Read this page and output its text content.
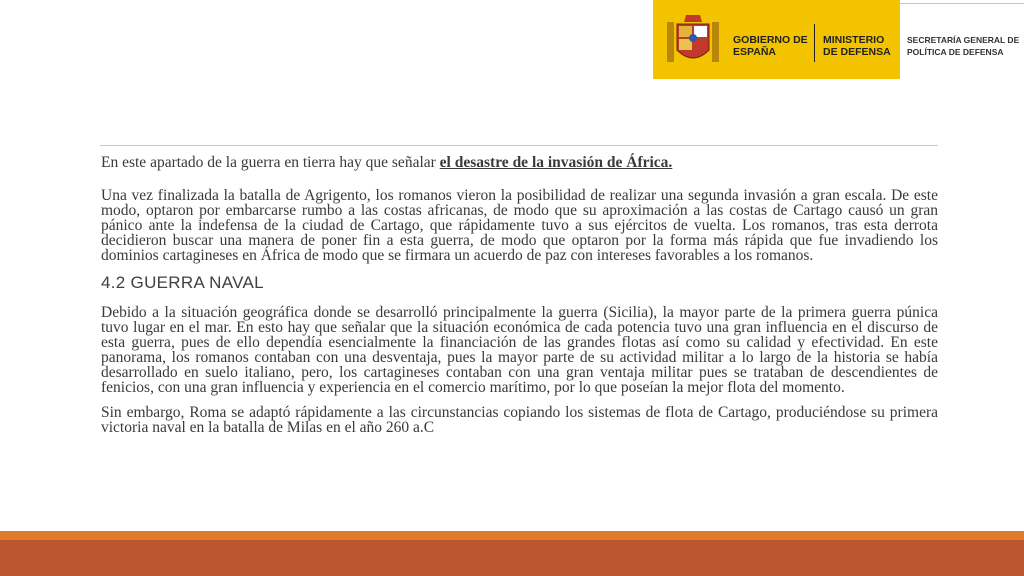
GOBIERNO DE ESPAÑA
MINISTERIO DE DEFENSA
SECRETARÍA GENERAL DE POLÍTICA DE DEFENSA

En este apartado de la guerra en tierra hay que señalar el desastre de la invasión de África.

Una vez finalizada la batalla de Agrigento, los romanos vieron la posibilidad de realizar una segunda invasión a gran escala. De este modo, optaron por embarcarse rumbo a las costas africanas, de modo que su aproximación a las costas de Cartago causó un gran pánico ante la indefensa de la ciudad de Cartago, que rápidamente tuvo a sus ejércitos de vuelta. Los romanos, tras esta derrota decidieron buscar una manera de poner fin a esta guerra, de modo que optaron por la forma más rápida que fue invadiendo los dominios cartagineses en África de modo que se firmara un acuerdo de paz con intereses favorables a los romanos.

4.2 GUERRA NAVAL

Debido a la situación geográfica donde se desarrolló principalmente la guerra (Sicilia), la mayor parte de la primera guerra púnica tuvo lugar en el mar. En esto hay que señalar que la situación económica de cada potencia tuvo una gran influencia en el discurso de esta guerra, pues de ello dependía esencialmente la financiación de las grandes flotas así como su calidad y efectividad. En este panorama, los romanos contaban con una desventaja, pues la mayor parte de su actividad militar a lo largo de la historia se había desarrollado en suelo italiano, pero, los cartagineses contaban con una gran ventaja militar pues se trataban de descendientes de fenicios, con una gran influencia y experiencia en el comercio marítimo, por lo que poseían la mejor flota del momento.

Sin embargo, Roma se adaptó rápidamente a las circunstancias copiando los sistemas de flota de Cartago, produciéndose su primera victoria naval en la batalla de Milas en el año 260 a.C
